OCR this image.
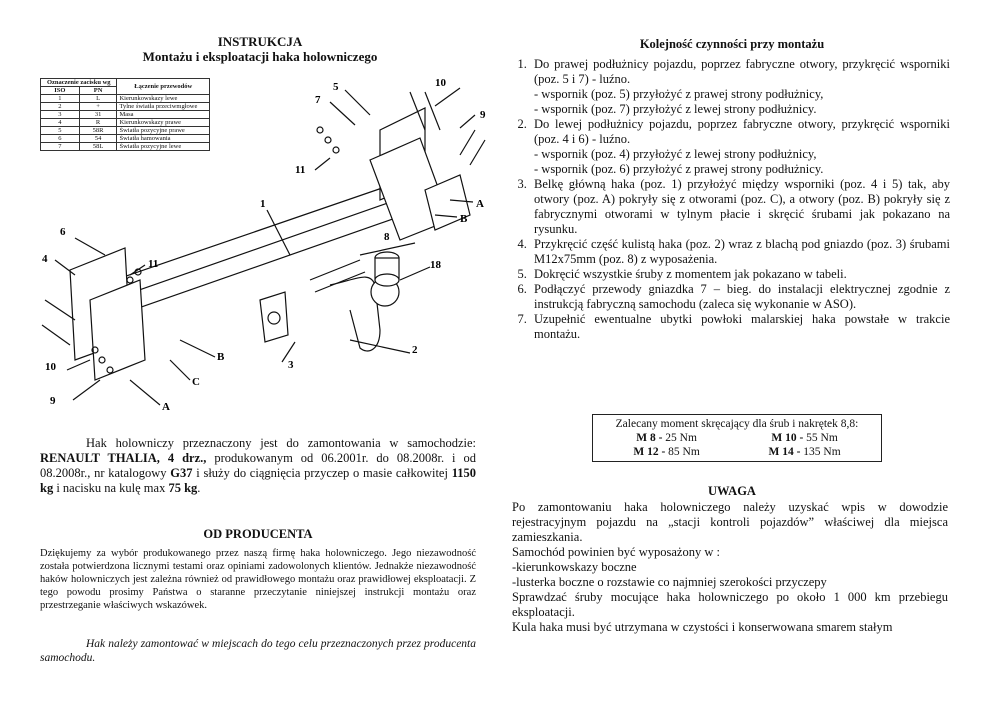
INSTRUKCJA
Montażu i eksploatacji haka holowniczego
Oznaczenie zacisku wg		Łączenie przewodów
ISO	PN	
1	L	Kierunkowskazy lewe
2	+	Tylne światła przeciwmgłowe
3	31	Masa
4	R	Kierunkowskazy prawe
5	58R	Światła pozycyjne prawe
6	54	Światła hamowania
7	58L	Światła pozycyjne lewe
1
2
3
4
6
5
7
8
9
9
10
10
11
11
18
A
A
B
B
C
Hak holowniczy przeznaczony jest do zamontowania w samochodzie: RENAULT THALIA, 4 drz., produkowanym od 06.2001r. do 08.2008r. i od 08.2008r., nr katalogowy G37 i służy do ciągnięcia przyczep o masie całkowitej 1150 kg i nacisku na kulę max 75 kg.
OD PRODUCENTA
Dziękujemy za wybór produkowanego przez naszą firmę haka holowniczego. Jego niezawodność została potwierdzona licznymi testami oraz opiniami zadowolonych klientów. Jednakże niezawodność haków holowniczych jest zależna również od prawidłowego montażu oraz prawidłowej eksploatacji. Z tego powodu prosimy Państwa o staranne przeczytanie niniejszej instrukcji montażu oraz przestrzeganie właściwych wskazówek.
Hak należy zamontować w miejscach do tego celu przeznaczonych przez producenta samochodu.
Kolejność czynności przy montażu
1. Do prawej podłużnicy pojazdu, poprzez fabryczne otwory, przykręcić wsporniki (poz. 5 i 7) - luźno.
- wspornik (poz. 5) przyłożyć z prawej strony podłużnicy,
- wspornik (poz. 7) przyłożyć z lewej strony podłużnicy.
2. Do lewej podłużnicy pojazdu, poprzez fabryczne otwory, przykręcić wsporniki (poz. 4 i 6) - luźno.
- wspornik (poz. 4) przyłożyć z lewej strony podłużnicy,
- wspornik (poz. 6) przyłożyć z prawej strony podłużnicy.
3. Belkę główną haka (poz. 1) przyłożyć między wsporniki (poz. 4 i 5) tak, aby otwory (poz. A) pokryły się z otworami (poz. C), a otwory (poz. B) pokryły się z fabrycznymi otworami w tylnym płacie i skręcić śrubami jak pokazano na rysunku.
4. Przykręcić część kulistą haka (poz. 2) wraz z blachą pod gniazdo (poz. 3) śrubami M12x75mm (poz. 8) z wyposażenia.
5. Dokręcić wszystkie śruby z momentem jak pokazano w tabeli.
6. Podłączyć przewody gniazdka 7 – bieg. do instalacji elektrycznej zgodnie z instrukcją fabryczną samochodu (zaleca się wykonanie w ASO).
7. Uzupełnić ewentualne ubytki powłoki malarskiej haka powstałe w trakcie montażu.
Zalecany moment skręcający dla śrub i nakrętek 8,8:
M 8 - 25 Nm	M 10 - 55 Nm
M 12 - 85 Nm	M 14 - 135 Nm
UWAGA
Po zamontowaniu haka holowniczego należy uzyskać wpis w dowodzie rejestracyjnym pojazdu na „stacji kontroli pojazdów” właściwej dla miejsca zamieszkania.
Samochód powinien być wyposażony w :
-kierunkowskazy boczne
-lusterka boczne o rozstawie co najmniej szerokości przyczepy
Sprawdzać śruby mocujące haka holowniczego po około 1 000 km przebiegu eksploatacji.
Kula haka musi być utrzymana w czystości i konserwowana smarem stałym
